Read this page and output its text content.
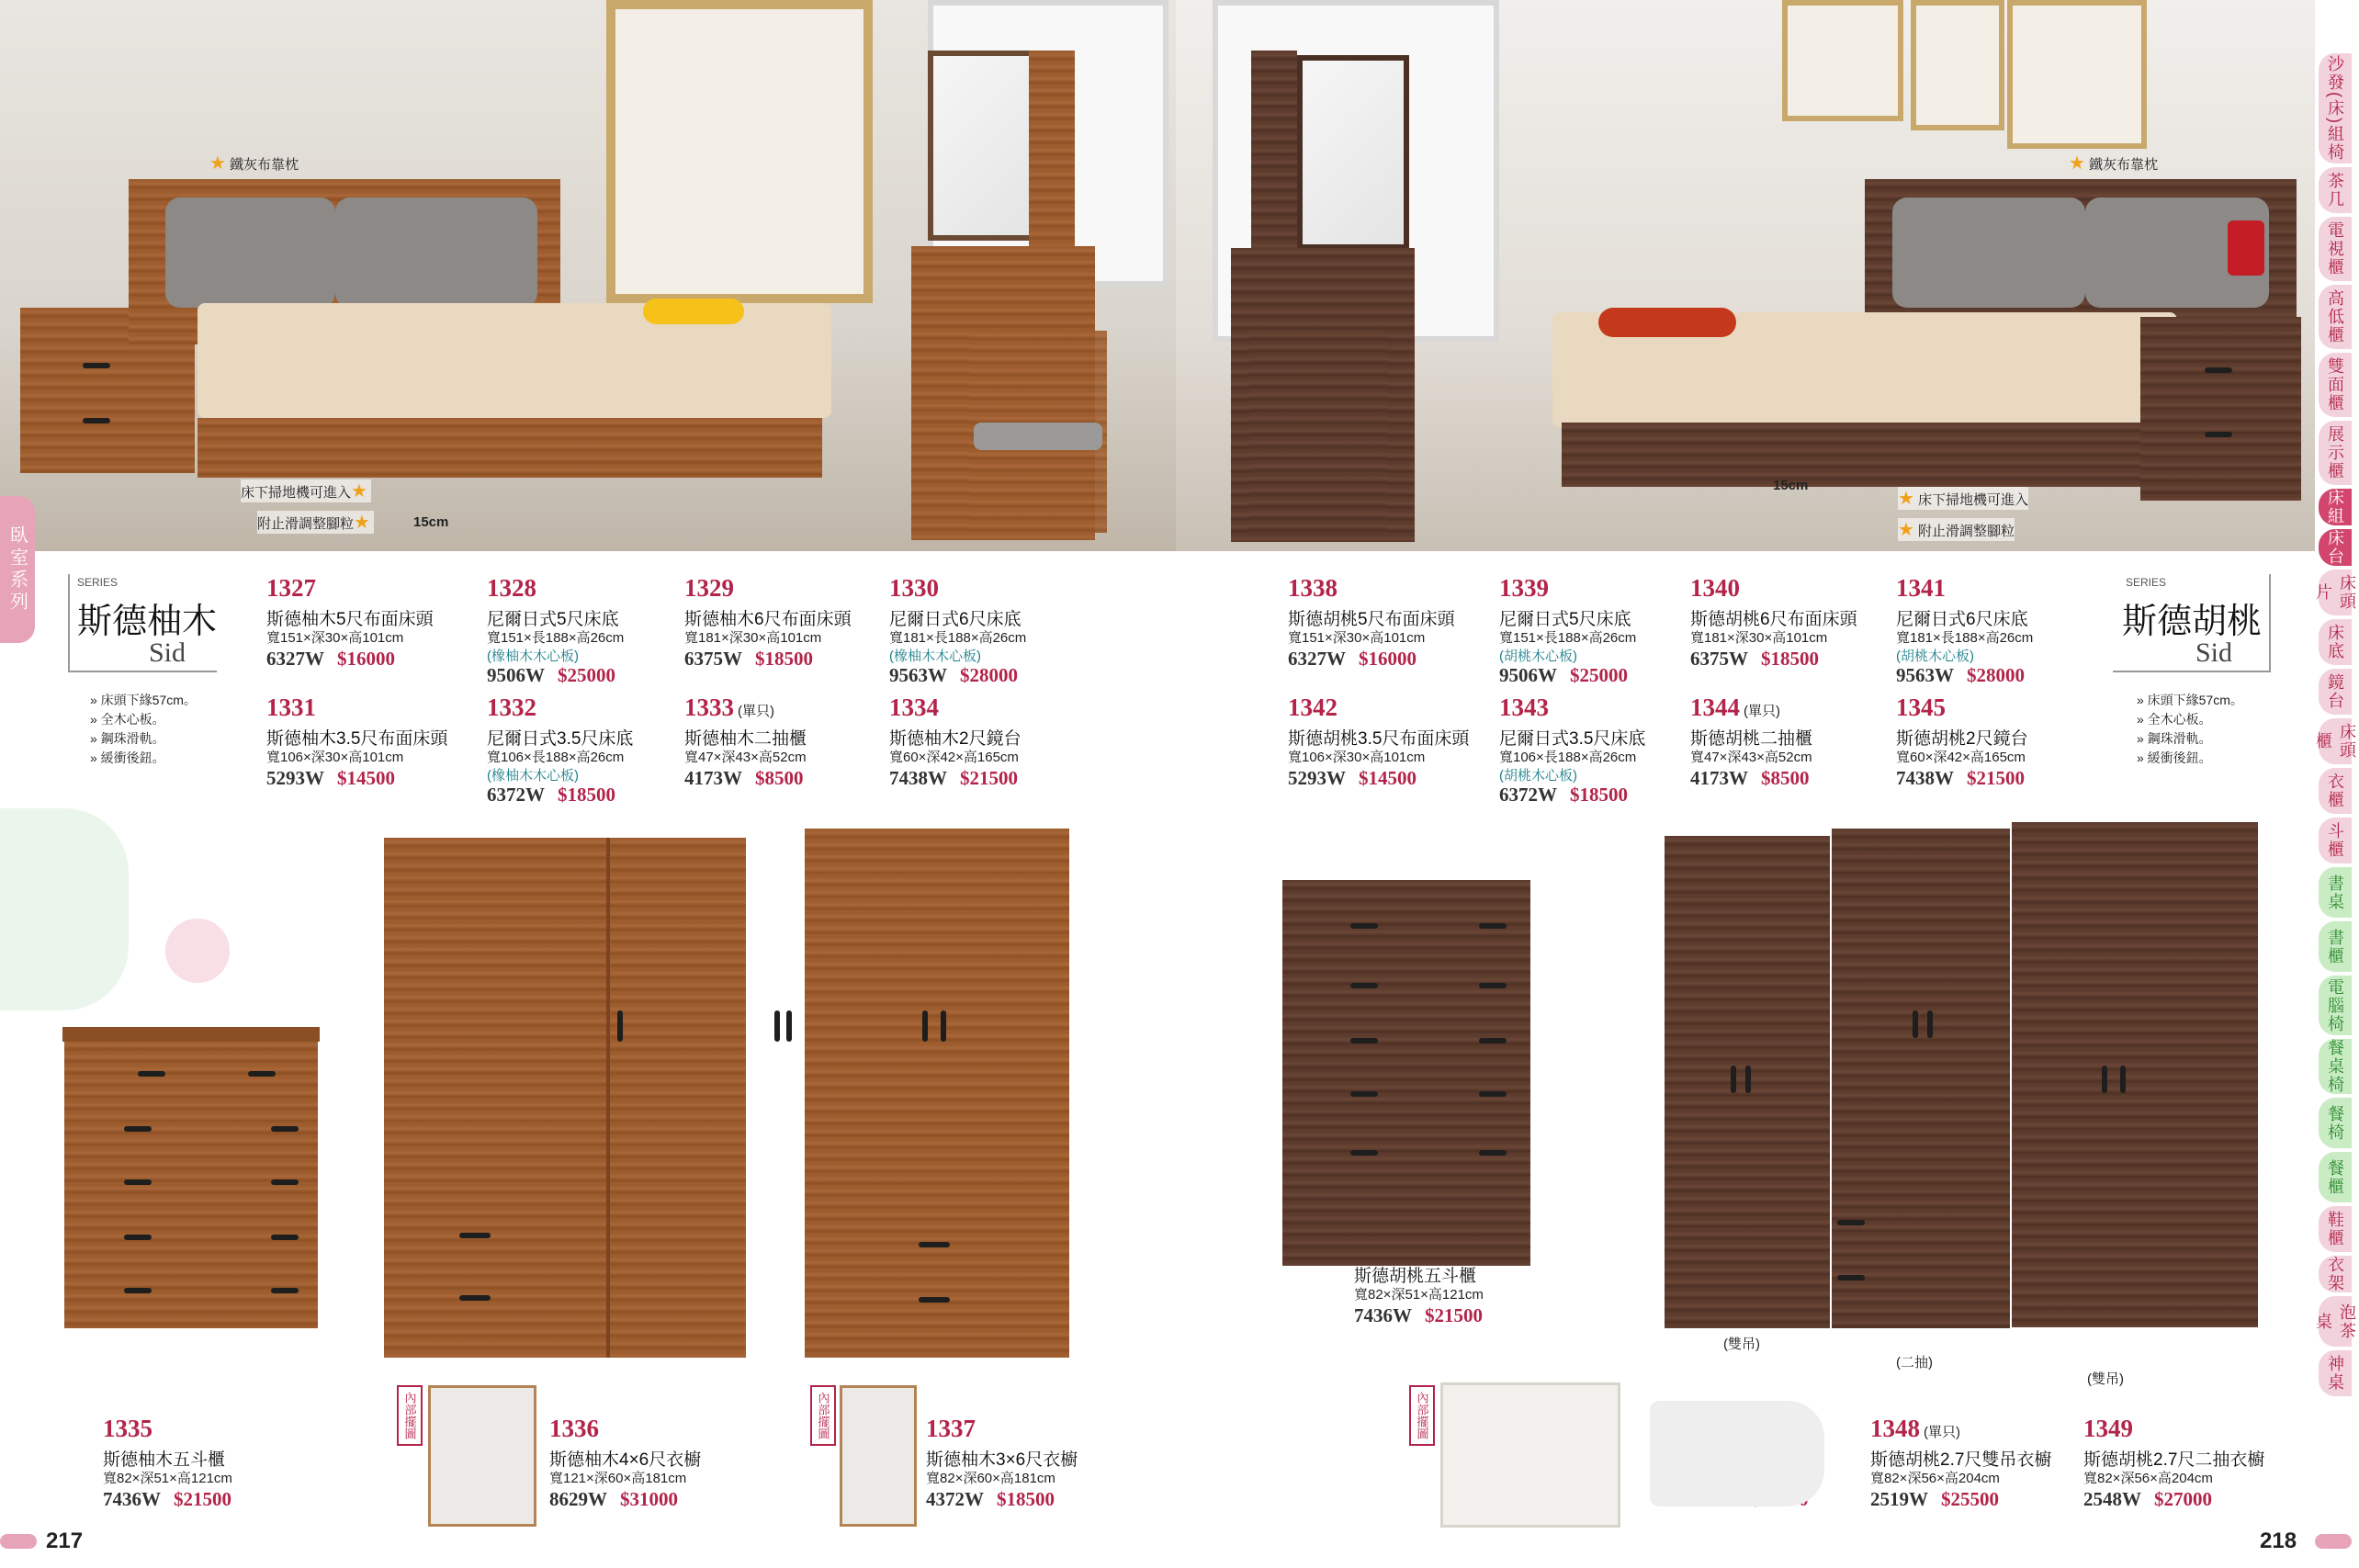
★ 鐵灰布靠枕
15cm
床下掃地機可進入★
附止滑調整腳粒★
★ 鐵灰布靠枕
15cm
★ 床下掃地機可進入
★ 附止滑調整腳粒
臥室系列	SERIES
斯德柚木
Sid
» 床頭下緣57cm。
» 全木心板。
» 鋼珠滑軌。
» 緩衝後鈕。
SERIES
斯德胡桃
Sid
» 床頭下緣57cm。
» 全木心板。
» 鋼珠滑軌。
» 緩衝後鈕。
1327
斯德柚木5尺布面床頭
寬151×深30×高101cm
6327W $16000
1328
尼爾日式5尺床底
寬151×長188×高26cm
(橡柚木木心板)
9506W $25000
1329
斯德柚木6尺布面床頭
寬181×深30×高101cm
6375W $18500
1330
尼爾日式6尺床底
寬181×長188×高26cm
(橡柚木木心板)
9563W $28000
1331
斯德柚木3.5尺布面床頭
寬106×深30×高101cm
5293W $14500
1332
尼爾日式3.5尺床底
寬106×長188×高26cm
(橡柚木木心板)
6372W $18500
1333 (單只)
斯德柚木二抽櫃
寬47×深43×高52cm
4173W $8500
1334
斯德柚木2尺鏡台
寬60×深42×高165cm
7438W $21500
1338
斯德胡桃5尺布面床頭
寬151×深30×高101cm
6327W $16000
1339
尼爾日式5尺床底
寬151×長188×高26cm
(胡桃木心板)
9506W $25000
1340
斯德胡桃6尺布面床頭
寬181×深30×高101cm
6375W $18500
1341
尼爾日式6尺床底
寬181×長188×高26cm
(胡桃木心板)
9563W $28000
1342
斯德胡桃3.5尺布面床頭
寬106×深30×高101cm
5293W $14500
1343
尼爾日式3.5尺床底
寬106×長188×高26cm
(胡桃木心板)
6372W $18500
1344 (單只)
斯德胡桃二抽櫃
寬47×深43×高52cm
4173W $8500
1345
斯德胡桃2尺鏡台
寬60×深42×高165cm
7438W $21500
1335
斯德柚木五斗櫃
寬82×深51×高121cm
7436W $21500
1336
斯德柚木4×6尺衣櫥
寬121×深60×高181cm
8629W $31000
1337
斯德柚木3×6尺衣櫥
寬82×深60×高181cm
4372W $18500
斯德胡桃五斗櫃
寬82×深51×高121cm
7436W $21500
1348 (單只)
斯德胡桃2.7尺雙吊衣櫥
寬82×深56×高204cm
2519W $25500
1349
斯德胡桃2.7尺二抽衣櫥
寬82×深56×高204cm
2548W $27000
(雙吊)
(二抽)
(雙吊)
內部擺圖	內部擺圖	內部擺圖
217	218
沙發(床)組椅
茶几
電視櫃
高低櫃
雙面櫃
展示櫃
床組
床台
床頭片
床底
鏡台
床頭櫃
衣櫃
斗櫃
書桌
書櫃
電腦椅
餐桌椅
餐椅
餐櫃
鞋櫃
衣架
泡茶桌
神桌
